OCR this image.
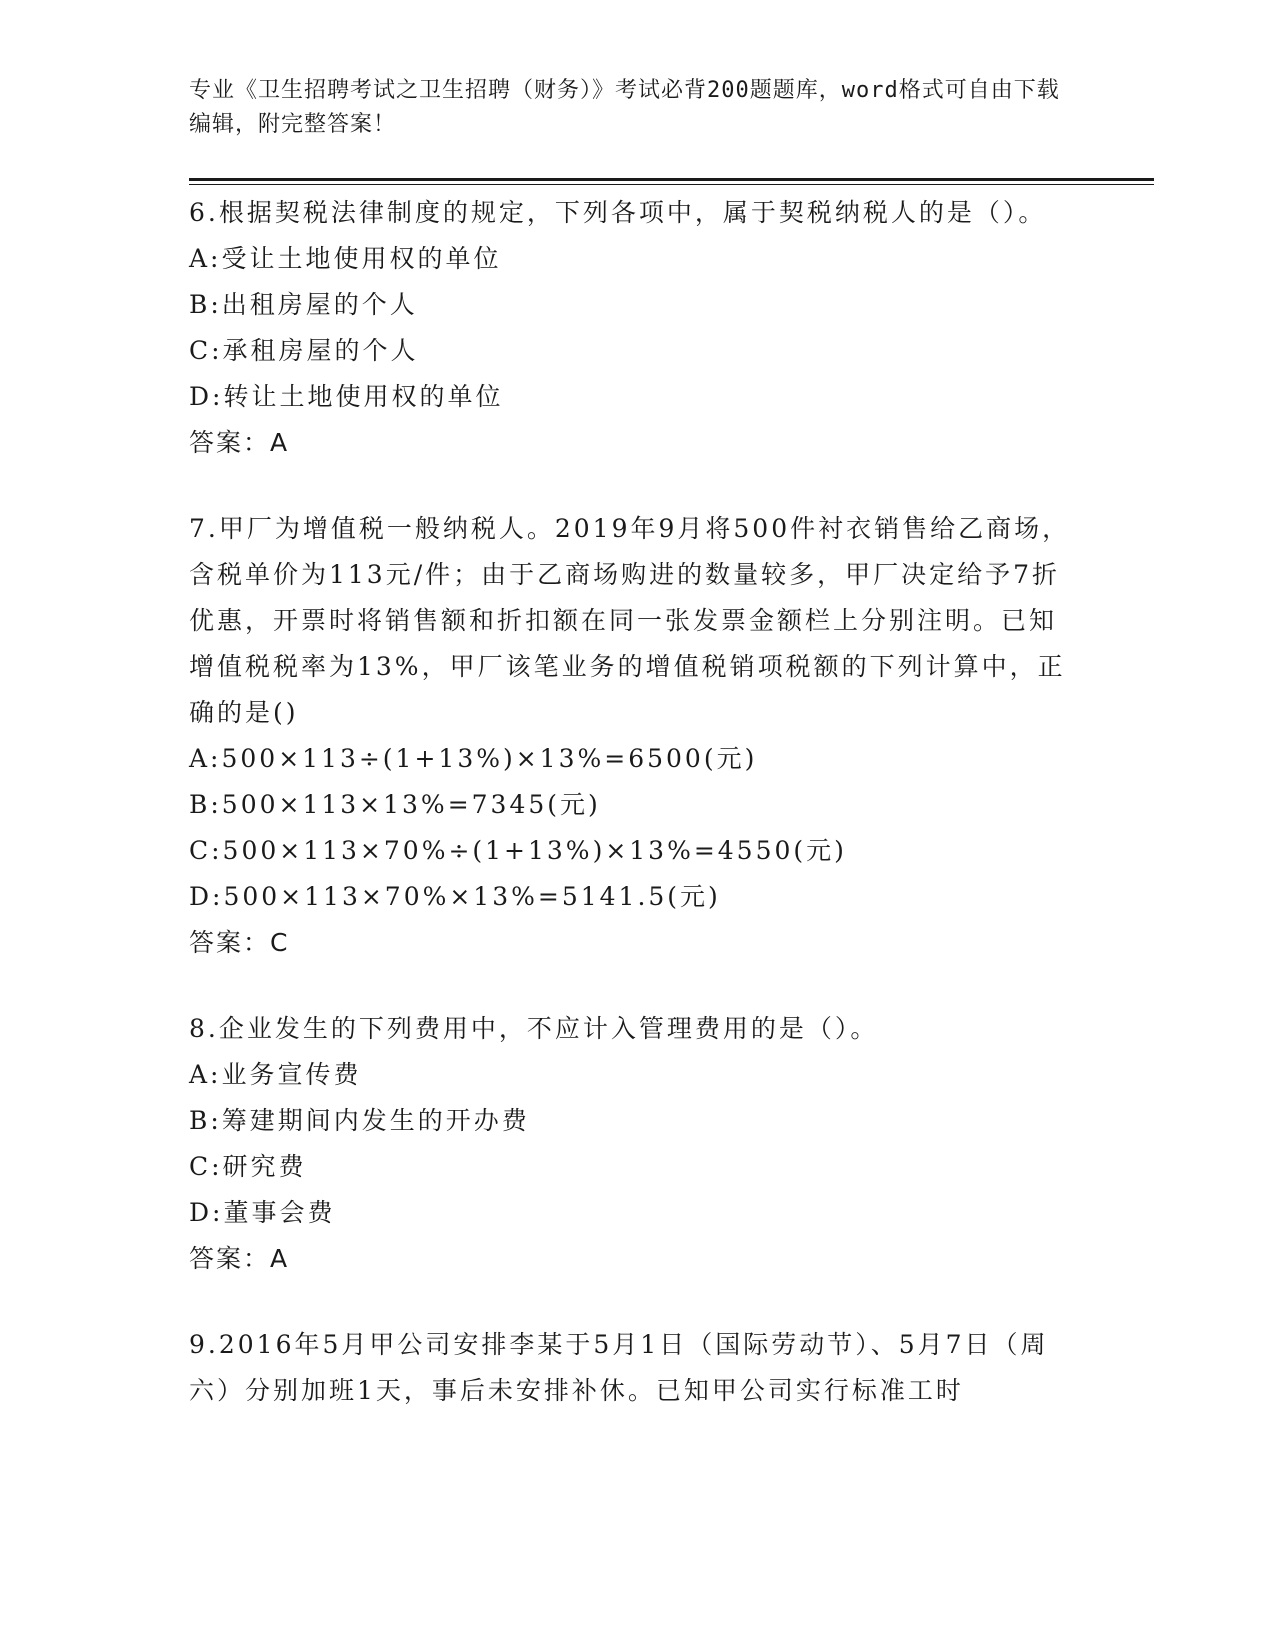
专业《卫生招聘考试之卫生招聘（财务）》考试必背200题题库，word格式可自由下载编辑，附完整答案！
6.根据契税法律制度的规定，下列各项中，属于契税纳税人的是（）。
A:受让土地使用权的单位
B:出租房屋的个人
C:承租房屋的个人
D:转让土地使用权的单位
答案：A
7.甲厂为增值税一般纳税人。2019年9月将500件衬衣销售给乙商场，含税单价为113元/件；由于乙商场购进的数量较多，甲厂决定给予7折优惠，开票时将销售额和折扣额在同一张发票金额栏上分别注明。已知增值税税率为13%，甲厂该笔业务的增值税销项税额的下列计算中，正确的是()
A:500×113÷(1+13%)×13%=6500(元)
B:500×113×13%=7345(元)
C:500×113×70%÷(1+13%)×13%=4550(元)
D:500×113×70%×13%=5141.5(元)
答案：C
8.企业发生的下列费用中，不应计入管理费用的是（）。
A:业务宣传费
B:筹建期间内发生的开办费
C:研究费
D:董事会费
答案：A
9.2016年5月甲公司安排李某于5月1日（国际劳动节）、5月7日（周六）分别加班1天，事后未安排补休。已知甲公司实行标准工时
